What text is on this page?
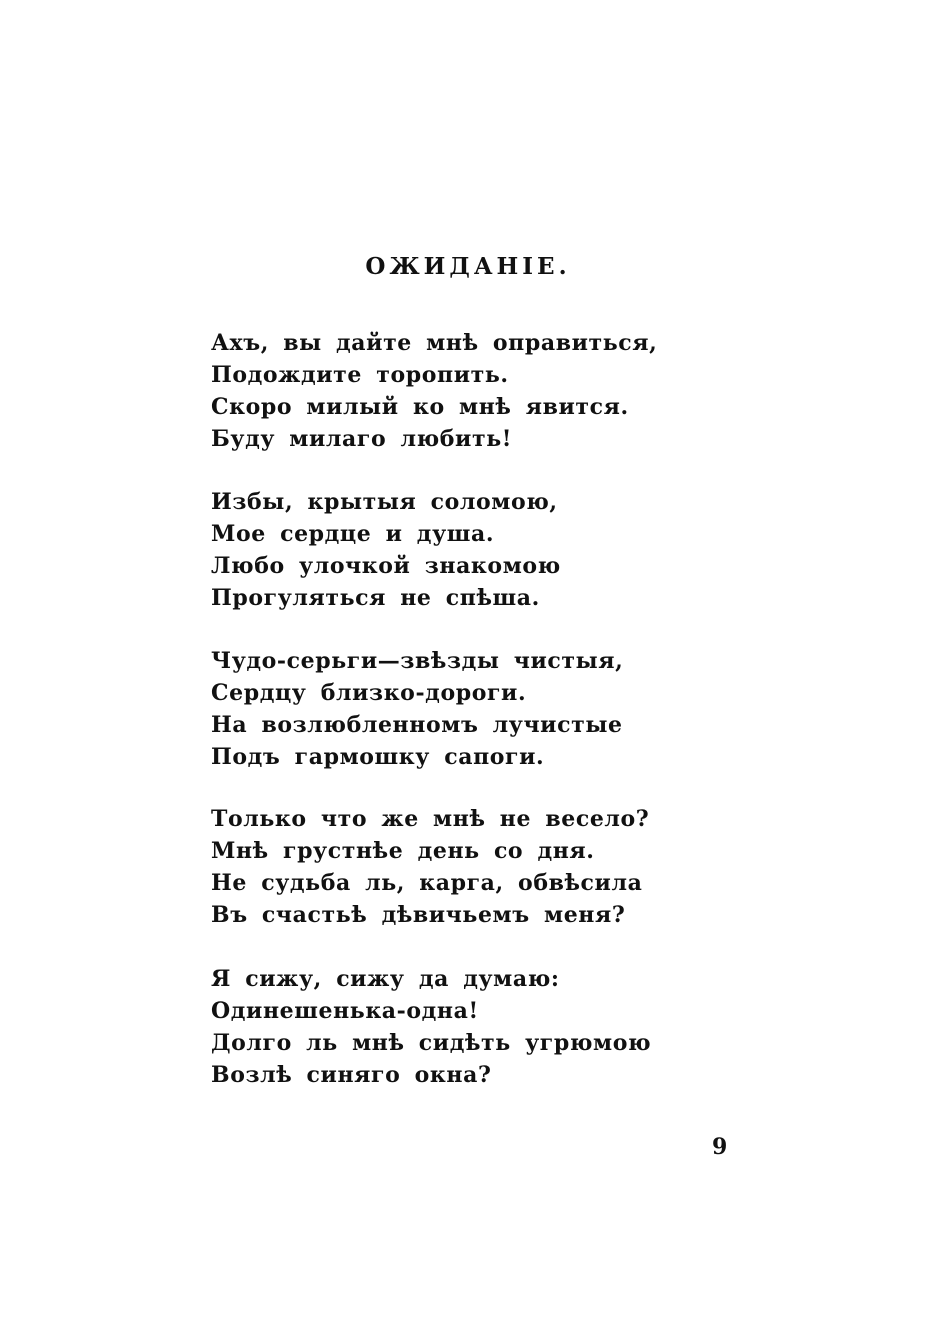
ОЖИДАНІЕ.
Ахъ, вы дайте мнѣ оправиться,
Подождите торопить.
Скоро милый ко мнѣ явится.
Буду милаго любить!
Избы, крытыя соломою,
Мое сердце и душа.
Любо улочкой знакомою
Прогуляться не спѣша.
Чудо-серьги—звѣзды чистыя,
Сердцу близко-дороги.
На возлюбленномъ лучистые
Подъ гармошку сапоги.
Только что же мнѣ не весело?
Мнѣ грустнѣе день со дня.
Не судьба ль, карга, обвѣсила
Въ счастьѣ дѣвичьемъ меня?
Я сижу, сижу да думаю:
Одинешенька-одна!
Долго ль мнѣ сидѣть угрюмою
Возлѣ синяго окна?
9
